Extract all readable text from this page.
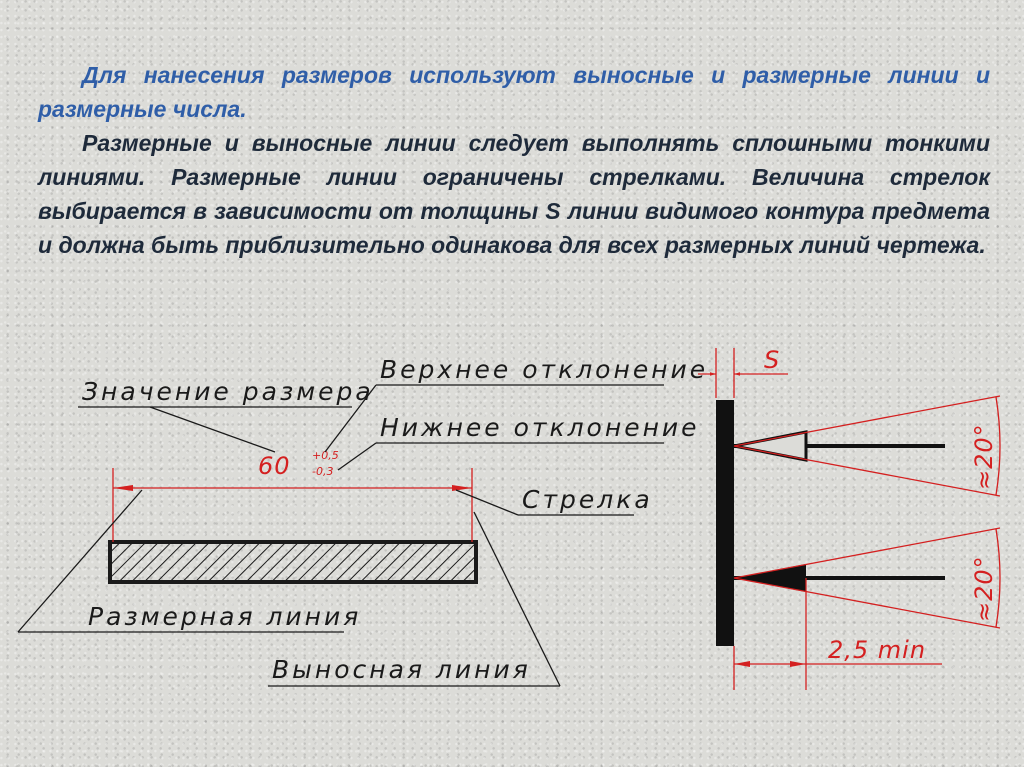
Для нанесения размеров используют выносные и размерные линии и размерные числа.

Размерные и выносные линии следует выполнять сплошными тонкими линиями. Размерные линии ограничены стрелками. Величина стрелок выбирается в зависимости от толщины S линии видимого контура предмета и должна быть приблизительно одинакова для всех размерных линий чертежа.

60 +0,5
-0,3
Значение размера
Верхнее отклонение
Нижнее отклонение
Стрелка
Размерная линия
Выносная линия
S
≈20°
≈20°
2,5 min
